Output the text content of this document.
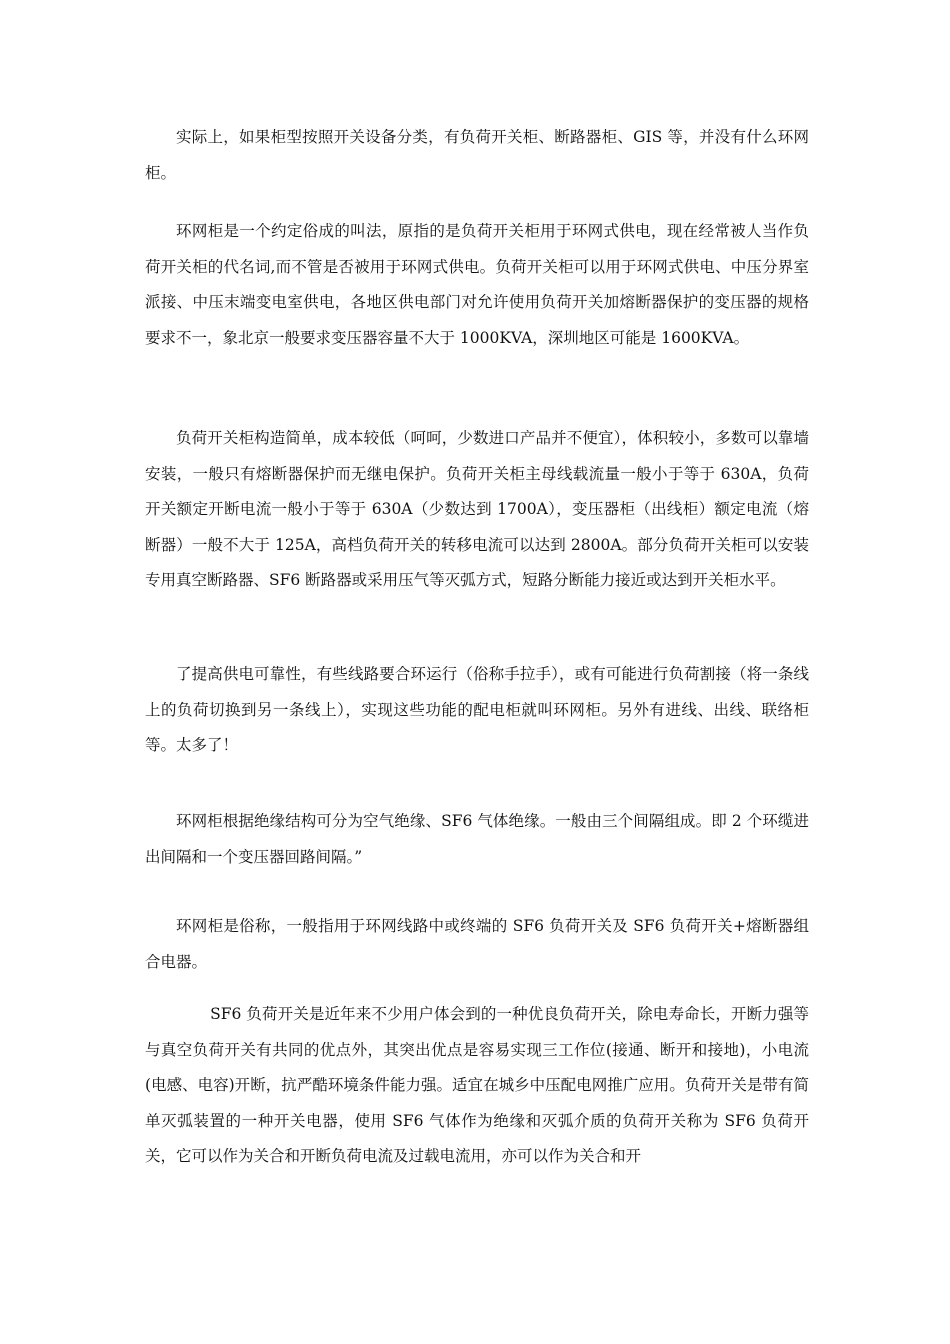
实际上，如果柜型按照开关设备分类，有负荷开关柜、断路器柜、GIS 等，并没有什么环网柜。

环网柜是一个约定俗成的叫法，原指的是负荷开关柜用于环网式供电，现在经常被人当作负荷开关柜的代名词,而不管是否被用于环网式供电。负荷开关柜可以用于环网式供电、中压分界室派接、中压末端变电室供电，各地区供电部门对允许使用负荷开关加熔断器保护的变压器的规格要求不一，象北京一般要求变压器容量不大于 1000KVA，深圳地区可能是 1600KVA。

负荷开关柜构造简单，成本较低（呵呵，少数进口产品并不便宜），体积较小，多数可以靠墙安装，一般只有熔断器保护而无继电保护。负荷开关柜主母线载流量一般小于等于 630A，负荷开关额定开断电流一般小于等于 630A（少数达到 1700A），变压器柜（出线柜）额定电流（熔断器）一般不大于 125A，高档负荷开关的转移电流可以达到 2800A。部分负荷开关柜可以安装专用真空断路器、SF6 断路器或采用压气等灭弧方式，短路分断能力接近或达到开关柜水平。

了提高供电可靠性，有些线路要合环运行（俗称手拉手），或有可能进行负荷割接（将一条线上的负荷切换到另一条线上），实现这些功能的配电柜就叫环网柜。另外有进线、出线、联络柜等。太多了！

环网柜根据绝缘结构可分为空气绝缘、SF6 气体绝缘。一般由三个间隔组成。即 2 个环缆进出间隔和一个变压器回路间隔。”

环网柜是俗称，一般指用于环网线路中或终端的 SF6 负荷开关及 SF6 负荷开关+熔断器组合电器。

SF6 负荷开关是近年来不少用户体会到的一种优良负荷开关，除电寿命长，开断力强等与真空负荷开关有共同的优点外，其突出优点是容易实现三工作位(接通、断开和接地)，小电流(电感、电容)开断，抗严酷环境条件能力强。适宜在城乡中压配电网推广应用。负荷开关是带有简单灭弧装置的一种开关电器，使用 SF6 气体作为绝缘和灭弧介质的负荷开关称为 SF6 负荷开关，它可以作为关合和开断负荷电流及过载电流用，亦可以作为关合和开
